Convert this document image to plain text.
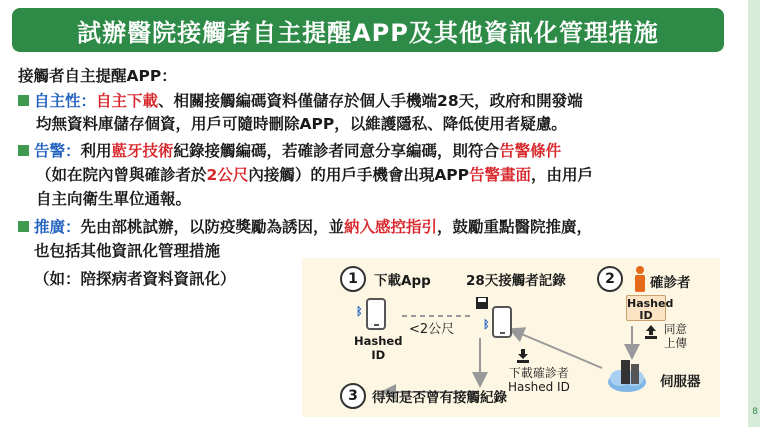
試辦醫院接觸者自主提醒APP及其他資訊化管理措施
接觸者自主提醒APP：
自主性：自主下載、相關接觸編碼資料僅儲存於個人手機端28天，政府和開發端
均無資料庫儲存個資，用戶可隨時刪除APP，以維護隱私、降低使用者疑慮。
告警：利用藍牙技術紀錄接觸編碼，若確診者同意分享編碼，則符合告警條件
（如在院內曾與確診者於2公尺內接觸）的用戶手機會出現APP告警畫面，由用戶
自主向衛生單位通報。
推廣：先由部桃試辦，以防疫獎勵為誘因，並納入感控指引，鼓勵重點醫院推廣，
也包括其他資訊化管理措施
（如：陪探病者資料資訊化）	1	下載App	28天接觸者記錄	2	確診者
ᛒ
Hashed
ID
<2公尺	ᛒ
Hashed
ID
同意
上傳
下載確診者
Hashed ID	伺服器
3	得知是否曾有接觸紀錄
8
